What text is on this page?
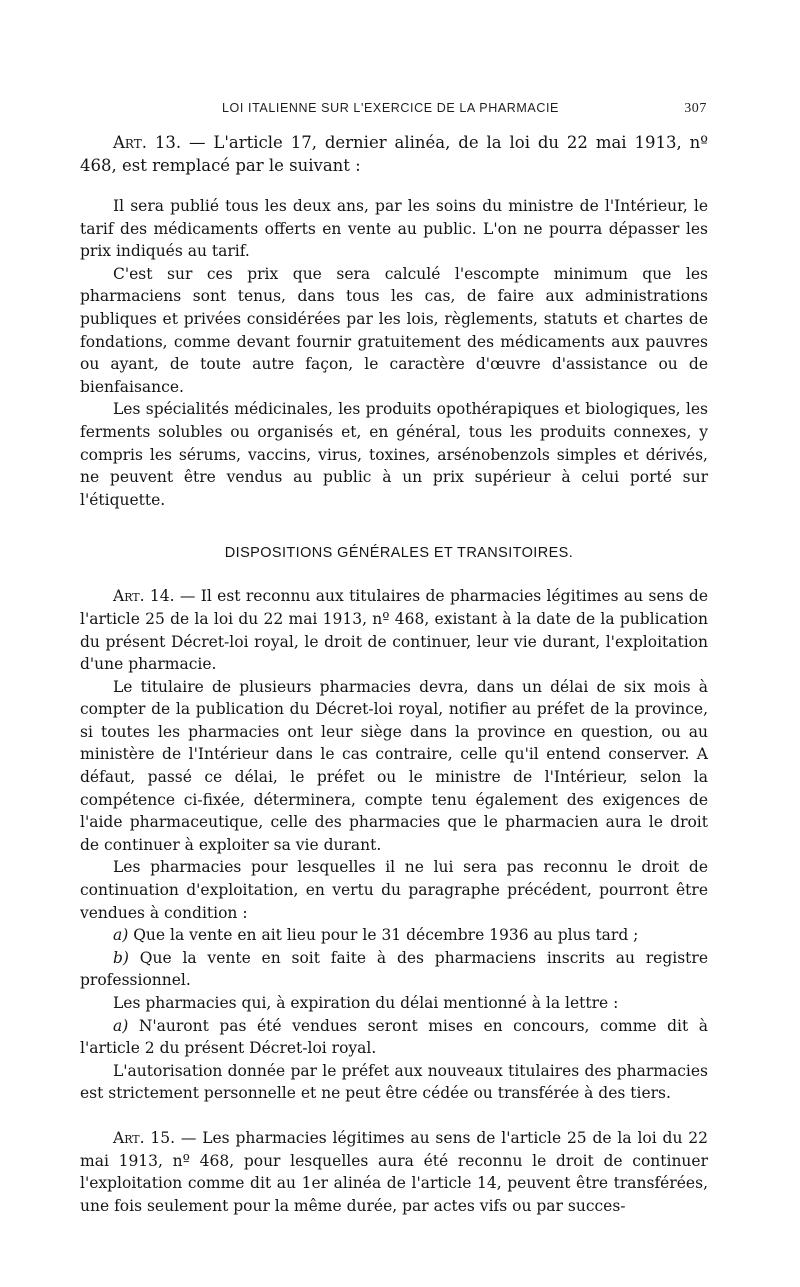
LOI ITALIENNE SUR L'EXERCICE DE LA PHARMACIE	307

Art. 13. — L'article 17, dernier alinéa, de la loi du 22 mai 1913, nº 468, est remplacé par le suivant :

Il sera publié tous les deux ans, par les soins du ministre de l'Intérieur, le tarif des médicaments offerts en vente au public. L'on ne pourra dépasser les prix indiqués au tarif.

C'est sur ces prix que sera calculé l'escompte minimum que les pharmaciens sont tenus, dans tous les cas, de faire aux administrations publiques et privées considérées par les lois, règlements, statuts et chartes de fondations, comme devant fournir gratuitement des médicaments aux pauvres ou ayant, de toute autre façon, le caractère d'œuvre d'assistance ou de bienfaisance.

Les spécialités médicinales, les produits opothérapiques et biologiques, les ferments solubles ou organisés et, en général, tous les produits connexes, y compris les sérums, vaccins, virus, toxines, arsénobenzols simples et dérivés, ne peuvent être vendus au public à un prix supérieur à celui porté sur l'étiquette.

DISPOSITIONS GÉNÉRALES ET TRANSITOIRES.

Art. 14. — Il est reconnu aux titulaires de pharmacies légitimes au sens de l'article 25 de la loi du 22 mai 1913, nº 468, existant à la date de la publication du présent Décret-loi royal, le droit de continuer, leur vie durant, l'exploitation d'une pharmacie.

Le titulaire de plusieurs pharmacies devra, dans un délai de six mois à compter de la publication du Décret-loi royal, notifier au préfet de la province, si toutes les pharmacies ont leur siège dans la province en question, ou au ministère de l'Intérieur dans le cas contraire, celle qu'il entend conserver. A défaut, passé ce délai, le préfet ou le ministre de l'Intérieur, selon la compétence ci-fixée, déterminera, compte tenu également des exigences de l'aide pharmaceutique, celle des pharmacies que le pharmacien aura le droit de continuer à exploiter sa vie durant.

Les pharmacies pour lesquelles il ne lui sera pas reconnu le droit de continuation d'exploitation, en vertu du paragraphe précédent, pourront être vendues à condition :

a) Que la vente en ait lieu pour le 31 décembre 1936 au plus tard ;

b) Que la vente en soit faite à des pharmaciens inscrits au registre professionnel.

Les pharmacies qui, à expiration du délai mentionné à la lettre :

a) N'auront pas été vendues seront mises en concours, comme dit à l'article 2 du présent Décret-loi royal.

L'autorisation donnée par le préfet aux nouveaux titulaires des pharmacies est strictement personnelle et ne peut être cédée ou transférée à des tiers.

Art. 15. — Les pharmacies légitimes au sens de l'article 25 de la loi du 22 mai 1913, nº 468, pour lesquelles aura été reconnu le droit de continuer l'exploitation comme dit au 1er alinéa de l'article 14, peuvent être transférées, une fois seulement pour la même durée, par actes vifs ou par succes-
